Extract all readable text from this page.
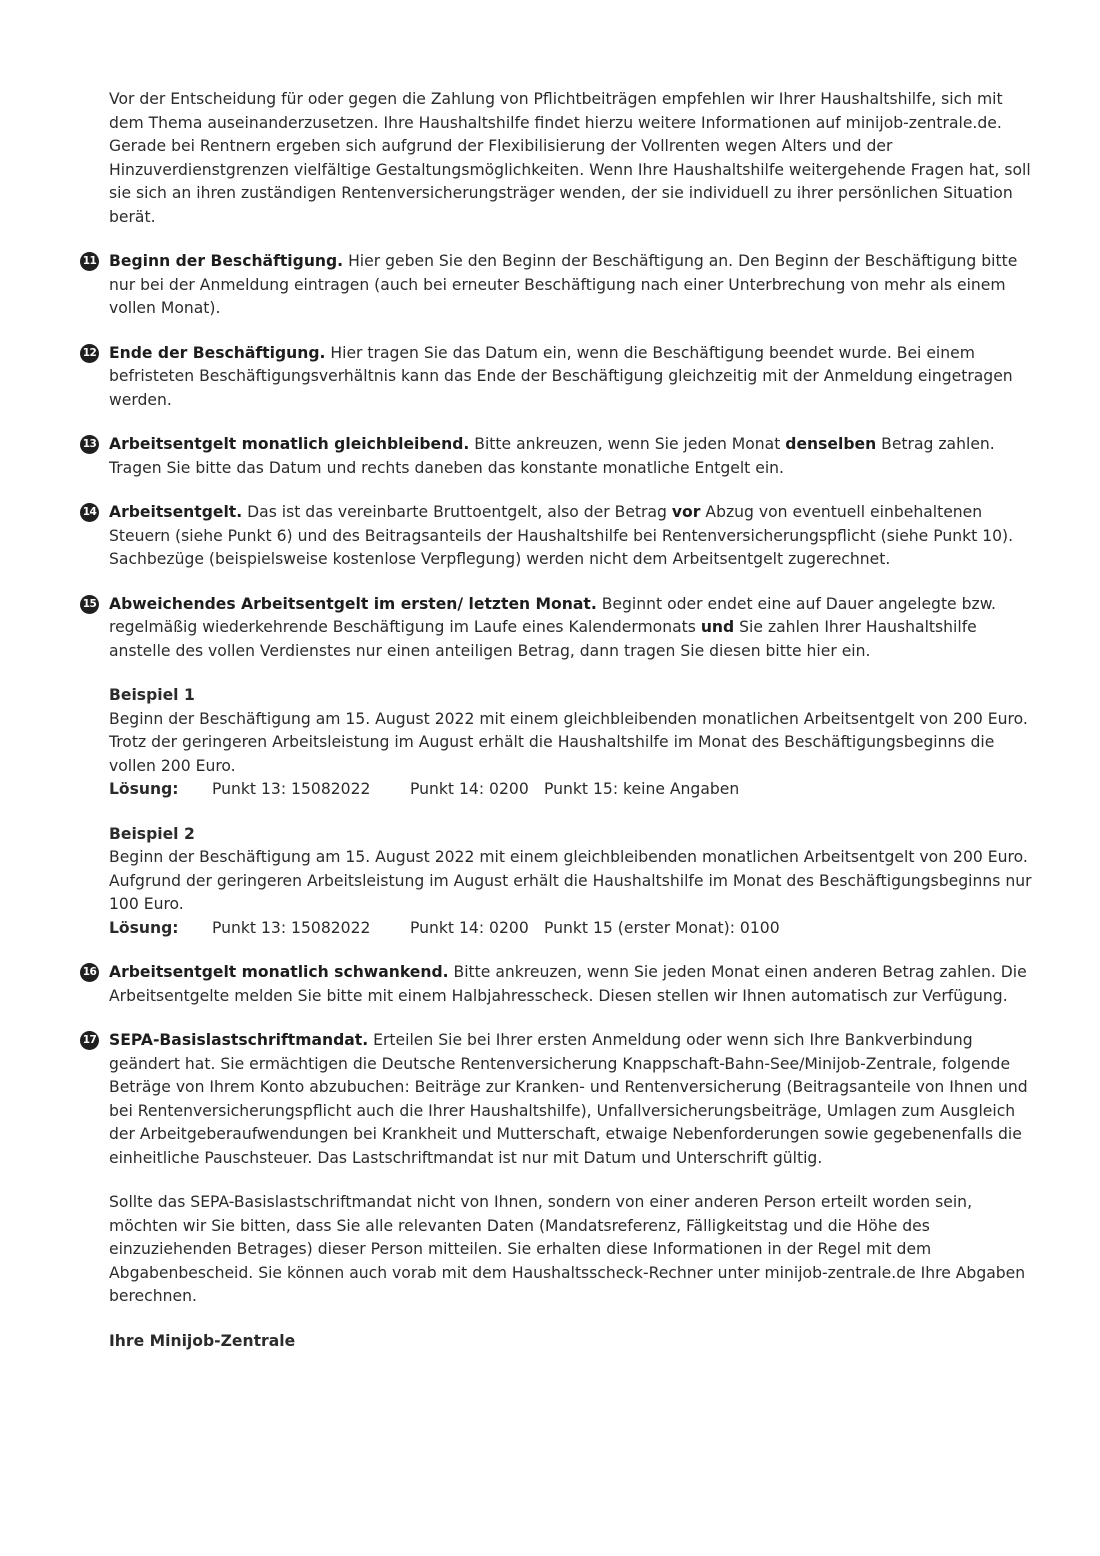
Vor der Entscheidung für oder gegen die Zahlung von Pflichtbeiträgen empfehlen wir Ihrer Haushaltshilfe, sich mit dem Thema auseinanderzusetzen. Ihre Haushaltshilfe findet hierzu weitere Informationen auf minijob-zentrale.de. Gerade bei Rentnern ergeben sich aufgrund der Flexibilisierung der Vollrenten wegen Alters und der Hinzuverdienstgrenzen vielfältige Gestaltungsmöglichkeiten. Wenn Ihre Haushaltshilfe weitergehende Fragen hat, soll sie sich an ihren zuständigen Rentenversicherungsträger wenden, der sie individuell zu ihrer persönlichen Situation berät.

11 Beginn der Beschäftigung. Hier geben Sie den Beginn der Beschäftigung an. Den Beginn der Beschäftigung bitte nur bei der Anmeldung eintragen (auch bei erneuter Beschäftigung nach einer Unterbrechung von mehr als einem vollen Monat).

12 Ende der Beschäftigung. Hier tragen Sie das Datum ein, wenn die Beschäftigung beendet wurde. Bei einem befristeten Beschäftigungsverhältnis kann das Ende der Beschäftigung gleichzeitig mit der Anmeldung eingetragen werden.

13 Arbeitsentgelt monatlich gleichbleibend. Bitte ankreuzen, wenn Sie jeden Monat denselben Betrag zahlen. Tragen Sie bitte das Datum und rechts daneben das konstante monatliche Entgelt ein.

14 Arbeitsentgelt. Das ist das vereinbarte Bruttoentgelt, also der Betrag vor Abzug von eventuell einbehaltenen Steuern (siehe Punkt 6) und des Beitragsanteils der Haushaltshilfe bei Rentenversicherungspflicht (siehe Punkt 10). Sachbezüge (beispielsweise kostenlose Verpflegung) werden nicht dem Arbeitsentgelt zugerechnet.

15 Abweichendes Arbeitsentgelt im ersten/ letzten Monat. Beginnt oder endet eine auf Dauer angelegte bzw. regelmäßig wiederkehrende Beschäftigung im Laufe eines Kalendermonats und Sie zahlen Ihrer Haushaltshilfe anstelle des vollen Verdienstes nur einen anteiligen Betrag, dann tragen Sie diesen bitte hier ein.

Beispiel 1

Beginn der Beschäftigung am 15. August 2022 mit einem gleichbleibenden monatlichen Arbeitsentgelt von 200 Euro. Trotz der geringeren Arbeitsleistung im August erhält die Haushaltshilfe im Monat des Beschäftigungsbeginns die vollen 200 Euro.

Lösung: Punkt 13: 15082022	Punkt 14: 0200 Punkt 15: keine Angaben

Beispiel 2

Beginn der Beschäftigung am 15. August 2022 mit einem gleichbleibenden monatlichen Arbeitsentgelt von 200 Euro. Aufgrund der geringeren Arbeitsleistung im August erhält die Haushaltshilfe im Monat des Beschäftigungsbeginns nur 100 Euro.

Lösung: Punkt 13: 15082022	Punkt 14: 0200 Punkt 15 (erster Monat): 0100

16 Arbeitsentgelt monatlich schwankend. Bitte ankreuzen, wenn Sie jeden Monat einen anderen Betrag zahlen. Die Arbeitsentgelte melden Sie bitte mit einem Halbjahresscheck. Diesen stellen wir Ihnen automatisch zur Verfügung.

17 SEPA-Basislastschriftmandat. Erteilen Sie bei Ihrer ersten Anmeldung oder wenn sich Ihre Bankverbindung geändert hat. Sie ermächtigen die Deutsche Rentenversicherung Knappschaft-Bahn-See/Minijob-Zentrale, folgende Beträge von Ihrem Konto abzubuchen: Beiträge zur Kranken- und Rentenversicherung (Beitragsanteile von Ihnen und bei Rentenversicherungspflicht auch die Ihrer Haushaltshilfe), Unfallversicherungsbeiträge, Umlagen zum Ausgleich der Arbeitgeberaufwendungen bei Krankheit und Mutterschaft, etwaige Nebenforderungen sowie gegebenenfalls die einheitliche Pauschsteuer. Das Lastschriftmandat ist nur mit Datum und Unterschrift gültig.

Sollte das SEPA-Basislastschriftmandat nicht von Ihnen, sondern von einer anderen Person erteilt worden sein, möchten wir Sie bitten, dass Sie alle relevanten Daten (Mandatsreferenz, Fälligkeitstag und die Höhe des einzuziehenden Betrages) dieser Person mitteilen. Sie erhalten diese Informationen in der Regel mit dem Abgabenbescheid. Sie können auch vorab mit dem Haushaltsscheck-Rechner unter minijob-zentrale.de Ihre Abgaben berechnen.

Ihre Minijob-Zentrale
